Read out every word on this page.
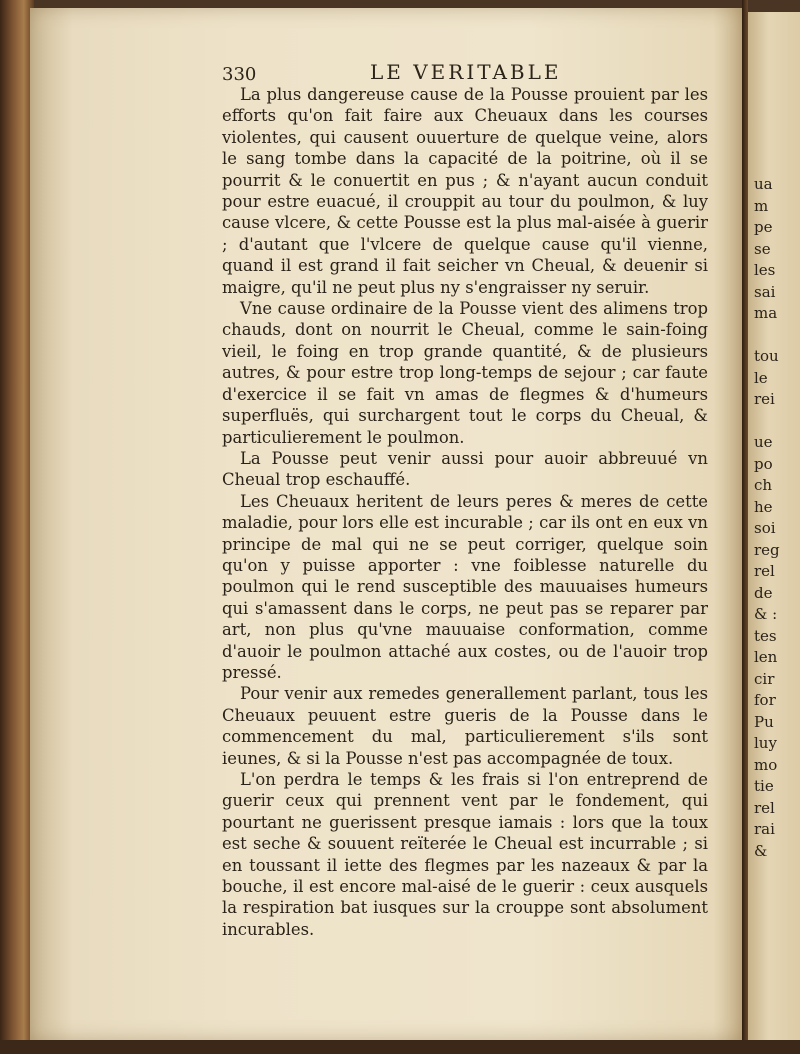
ua
m
pe
se
les
sai
ma

tou
le
rei

ue
po
ch
he
soi
reg
rel
de
& :
tes
len
cir
for
Pu
luy
mo
tie
rel
rai
&
330	LE VERITABLE

La plus dangereuse cause de la Pousse prouient par les efforts qu'on fait faire aux Cheuaux dans les courses violentes, qui causent ouuerture de quelque veine, alors le sang tombe dans la capacité de la poitrine, où il se pourrit & le conuertit en pus ; & n'ayant aucun conduit pour estre euacué, il crouppit au tour du poulmon, & luy cause vlcere, & cette Pousse est la plus mal-aisée à guerir ; d'autant que l'vlcere de quelque cause qu'il vienne, quand il est grand il fait seicher vn Cheual, & deuenir si maigre, qu'il ne peut plus ny s'engraisser ny seruir.

Vne cause ordinaire de la Pousse vient des alimens trop chauds, dont on nourrit le Cheual, comme le sain-foing vieil, le foing en trop grande quantité, & de plusieurs autres, & pour estre trop long-temps de sejour ; car faute d'exercice il se fait vn amas de flegmes & d'humeurs superfluës, qui surchargent tout le corps du Cheual, & particulierement le poulmon.

La Pousse peut venir aussi pour auoir abbreuué vn Cheual trop eschauffé.

Les Cheuaux heritent de leurs peres & meres de cette maladie, pour lors elle est incurable ; car ils ont en eux vn principe de mal qui ne se peut corriger, quelque soin qu'on y puisse apporter : vne foiblesse naturelle du poulmon qui le rend susceptible des mauuaises humeurs qui s'amassent dans le corps, ne peut pas se reparer par art, non plus qu'vne mauuaise conformation, comme d'auoir le poulmon attaché aux costes, ou de l'auoir trop pressé.

Pour venir aux remedes generallement parlant, tous les Cheuaux peuuent estre gueris de la Pousse dans le commencement du mal, particulierement s'ils sont ieunes, & si la Pousse n'est pas accompagnée de toux.

L'on perdra le temps & les frais si l'on entreprend de guerir ceux qui prennent vent par le fondement, qui pourtant ne guerissent presque iamais : lors que la toux est seche & souuent reïterée le Cheual est incurrable ; si en toussant il iette des flegmes par les nazeaux & par la bouche, il est encore mal-aisé de le guerir : ceux ausquels la respiration bat iusques sur la crouppe sont absolument incurables.
